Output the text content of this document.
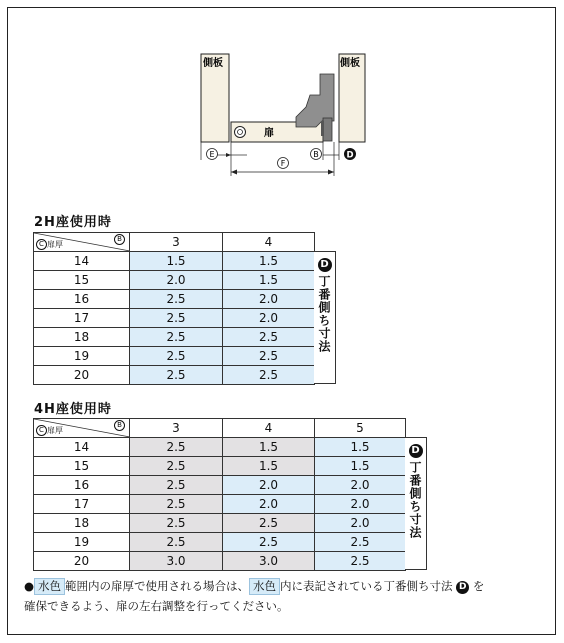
側板	側板
扉
E
F
B	D
2H座使用時
C 扉厚
B	3	4
14	1.5	1.5
15	2.0	1.5
16	2.5	2.0
17	2.5	2.0
18	2.5	2.5
19	2.5	2.5
20	2.5	2.5
D
丁番側ち寸法
4H座使用時
C 扉厚
B	3	4	5
14	2.5	1.5	1.5
15	2.5	1.5	1.5
16	2.5	2.0	2.0
17	2.5	2.0	2.0
18	2.5	2.5	2.0
19	2.5	2.5	2.5
20	3.0	3.0	2.5
D
丁番側ち寸法
● 水色 範囲内の扉厚で使用される場合は、 水色 内に表記されている丁番側ち寸法 D を
確保できるよう、扉の左右調整を行ってください。
